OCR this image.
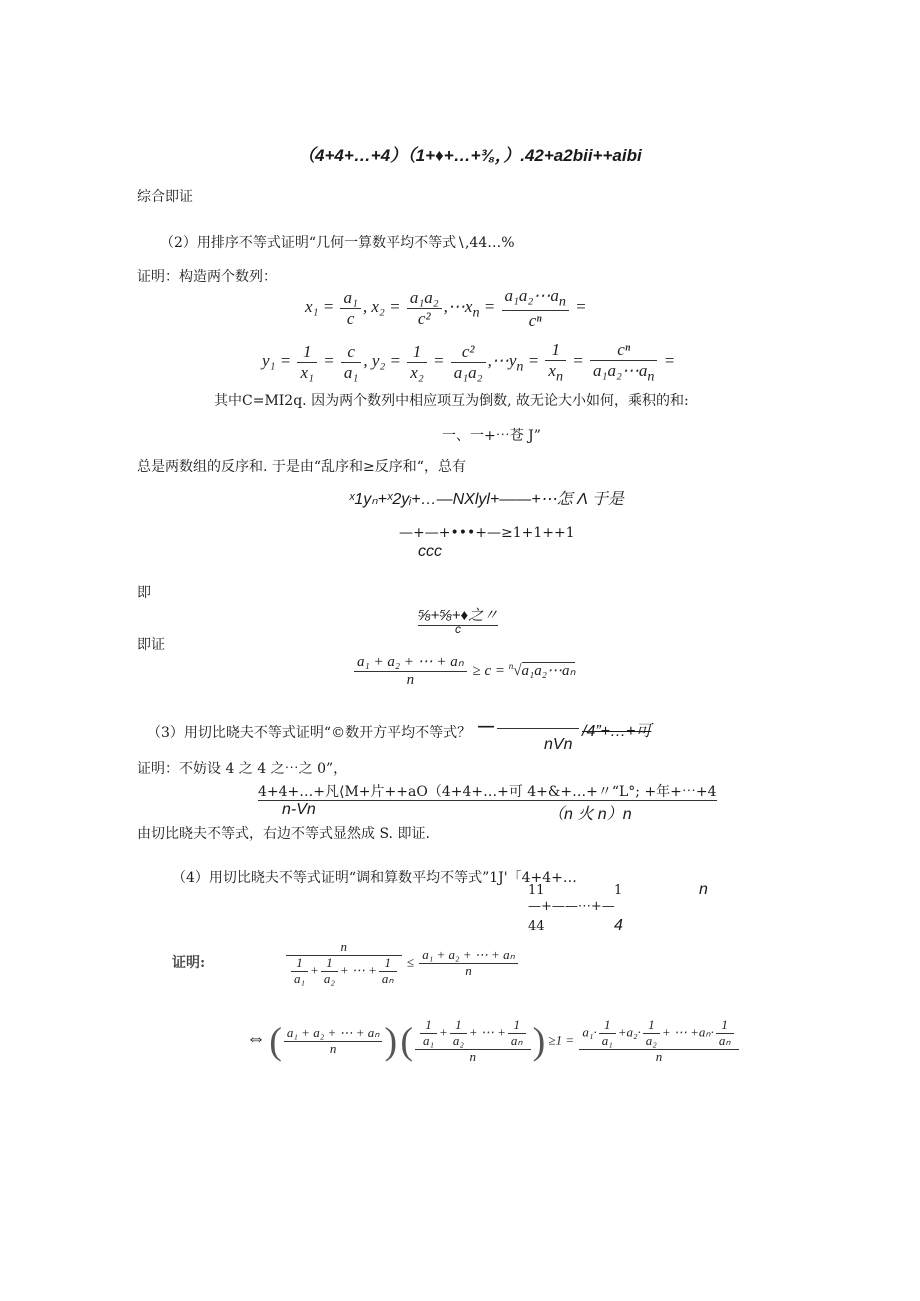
（4+4+…+4）（1+♦+…+⅜，）.42+a2bii++aibi
综合即证
（2）用排序不等式证明“几何一算数平均不等式∖,44…%
证明：构造两个数列：
$x_1 = \frac{\text{a₁}}{c}$ , $x_2 = \frac{\text{a₁a₂}}{\text{c²}}$ $,\cdots x_n = \frac{a_1a_2\cdots a_n}{\text{cⁿ}}$ =
$y_1 = \frac{1}{\text{x₁}} = \frac{c}{\text{a₁}}$ , $y_2 = \frac{1}{\text{x₂}} = \frac{\text{c²}}{\text{a₁a₂}}$ $,\cdots y_n = \frac{1}{x_n} = \frac{\text{cⁿ}}{a_1a_2\cdots a_n}$ =
其中C=MI2q. 因为两个数列中相应项互为倒数, 故无论大小如何，乘积的和:
一、一+⋯苍 J”
总是两数组的反序和. 于是由“乱序和≥反序和“，总有
ˣ1yₙ+ˣ2yᵢ+…—NXlyl+——+⋯怎 Λ 于是
—+—+•••+—≥1+1++1
ccc
即
⅝+⅝+♦之〃
c
即证
$\frac{\text{a₁ + a₂ + ⋯ + aₙ}}{n} \ge c$ = $^n$√a₁a₂⋯aₙ
（3）用切比晓夫不等式证明“©数开方平均不等式？ —	/4”+…+可
nVn
证明：不妨设 4 之 4 之⋯之 0”，
4+4+…+凡⟨M+片++aO（4+4+…+可 4+&+…+〃“L°; +年+⋯+4
n-Vn	（n 火 n）n
由切比晓夫不等式，右边不等式显然成 S. 即证.
（4）用切比晓夫不等式证明“调和算数平均不等式”1J'「4+4+…
11	1	n
—+——⋯+—
44	4
证明:	$\frac{n}{\frac{1}{\text{a₁}} + \frac{1}{\text{a₂}} + \cdots + \frac{1}{\text{aₙ}}} \le \frac{\text{a₁ + a₂ + ⋯ + aₙ}}{n}$
⇔ ( $\frac{\text{a₁ + a₂ + ⋯ + aₙ}}{n}$ ) ( $\frac{\frac{1}{\text{a₁}} + \frac{1}{\text{a₂}} + \cdots + \frac{1}{\text{aₙ}}}{n}$ ) $\ge 1 = \frac{a_1\cdot \frac{1}{\text{a₁}} +a_2\cdot \frac{1}{\text{a₂}} + \cdots +a_n\cdot \frac{1}{\text{aₙ}}}{n}$
